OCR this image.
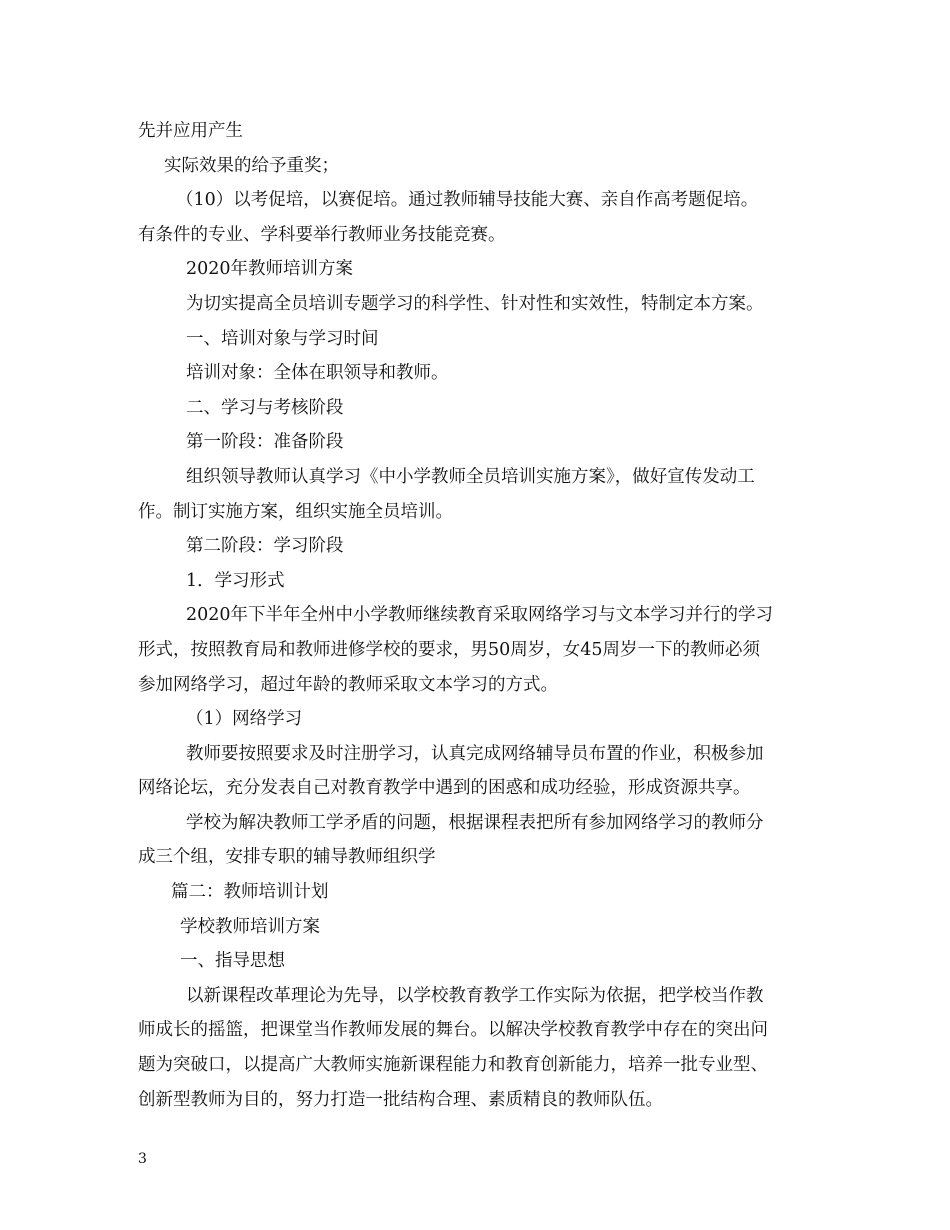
先并应用产生
实际效果的给予重奖；
（10）以考促培，以赛促培。通过教师辅导技能大赛、亲自作高考题促培。
有条件的专业、学科要举行教师业务技能竞赛。
2020年教师培训方案
为切实提高全员培训专题学习的科学性、针对性和实效性，特制定本方案。
一、培训对象与学习时间
培训对象：全体在职领导和教师。
二、学习与考核阶段
第一阶段：准备阶段
组织领导教师认真学习《中小学教师全员培训实施方案》，做好宣传发动工
作。制订实施方案，组织实施全员培训。
第二阶段：学习阶段
1．学习形式
2020年下半年全州中小学教师继续教育采取网络学习与文本学习并行的学习
形式，按照教育局和教师进修学校的要求，男50周岁，女45周岁一下的教师必须
参加网络学习，超过年龄的教师采取文本学习的方式。
（1）网络学习
教师要按照要求及时注册学习，认真完成网络辅导员布置的作业，积极参加
网络论坛，充分发表自己对教育教学中遇到的困惑和成功经验，形成资源共享。
学校为解决教师工学矛盾的问题，根据课程表把所有参加网络学习的教师分
成三个组，安排专职的辅导教师组织学
篇二：教师培训计划
学校教师培训方案
一、指导思想
以新课程改革理论为先导，以学校教育教学工作实际为依据，把学校当作教
师成长的摇篮，把课堂当作教师发展的舞台。以解决学校教育教学中存在的突出问
题为突破口，以提高广大教师实施新课程能力和教育创新能力，培养一批专业型、
创新型教师为目的，努力打造一批结构合理、素质精良的教师队伍。
3
